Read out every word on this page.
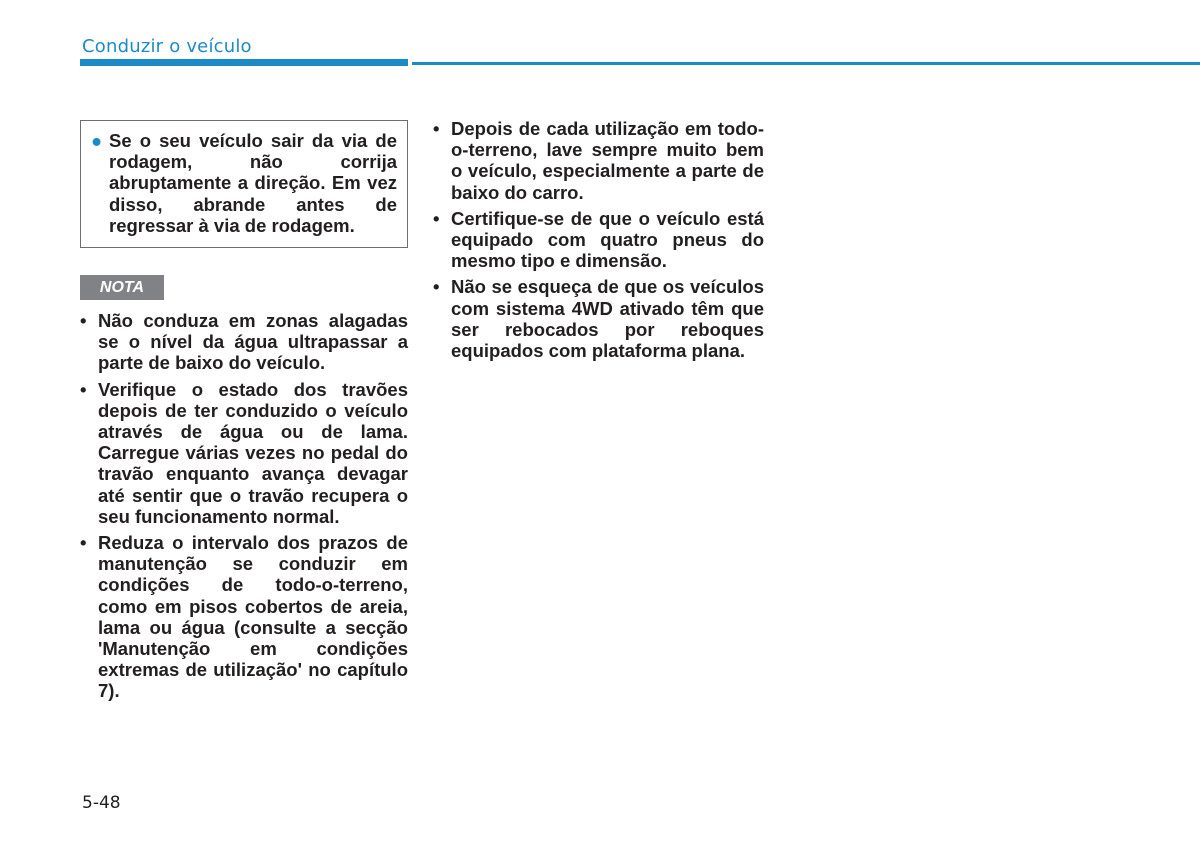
Conduzir o veículo
● Se o seu veículo sair da via de rodagem, não corrija abruptamente a direção. Em vez disso, abrande antes de regressar à via de rodagem.
NOTA
• Não conduza em zonas alagadas se o nível da água ultrapassar a parte de baixo do veículo.
• Verifique o estado dos travões depois de ter conduzido o veículo através de água ou de lama. Carregue várias vezes no pedal do travão enquanto avança devagar até sentir que o travão recupera o seu funcionamento normal.
• Reduza o intervalo dos prazos de manutenção se conduzir em condições de todo-o-terreno, como em pisos cobertos de areia, lama ou água (consulte a secção 'Manutenção em condições extremas de utilização' no capítulo 7).
• Depois de cada utilização em todo-o-terreno, lave sempre muito bem o veículo, especialmente a parte de baixo do carro.
• Certifique-se de que o veículo está equipado com quatro pneus do mesmo tipo e dimensão.
• Não se esqueça de que os veículos com sistema 4WD ativado têm que ser rebocados por reboques equipados com plataforma plana.
5-48
